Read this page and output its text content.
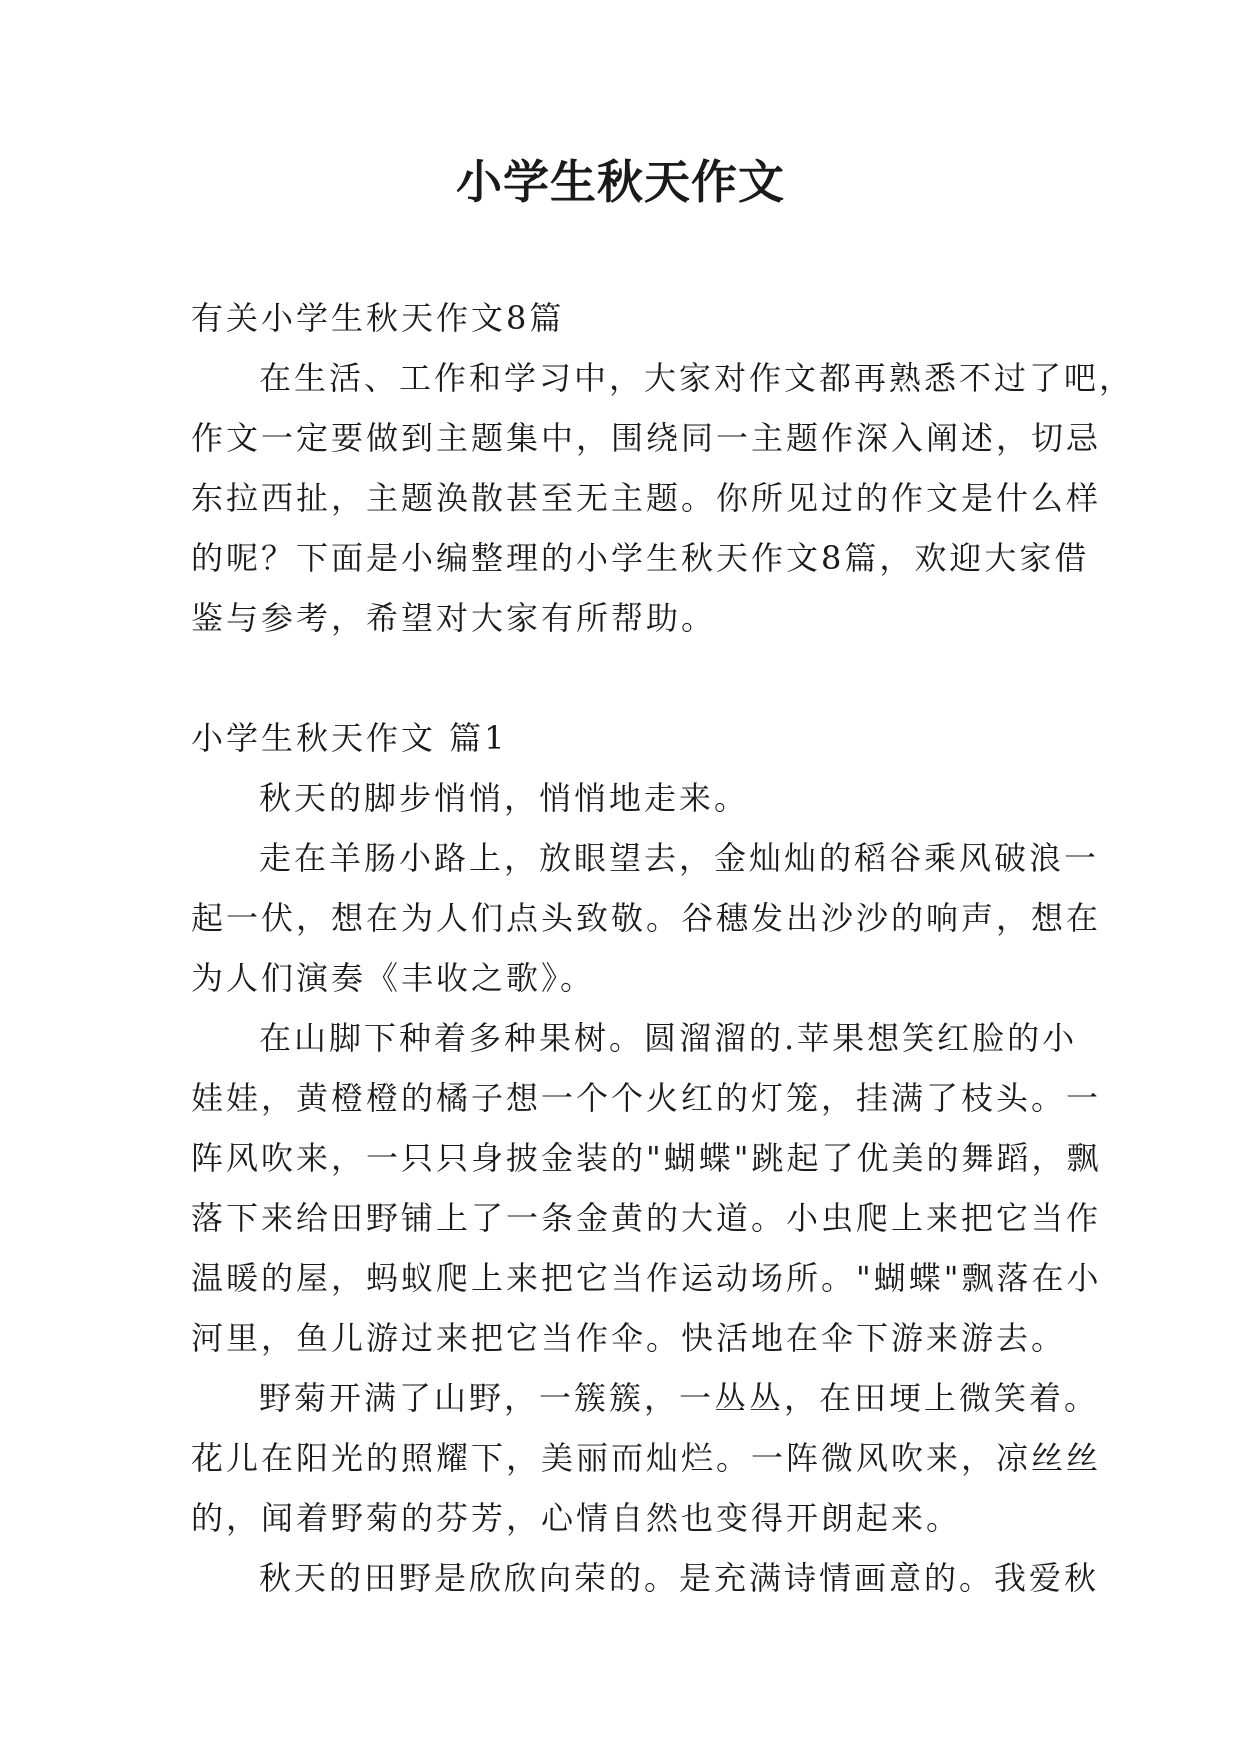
小学生秋天作文
有关小学生秋天作文8篇
在生活、工作和学习中，大家对作文都再熟悉不过了吧，
作文一定要做到主题集中，围绕同一主题作深入阐述，切忌
东拉西扯，主题涣散甚至无主题。你所见过的作文是什么样
的呢？下面是小编整理的小学生秋天作文8篇，欢迎大家借
鉴与参考，希望对大家有所帮助。
小学生秋天作文 篇1
秋天的脚步悄悄，悄悄地走来。
走在羊肠小路上，放眼望去，金灿灿的稻谷乘风破浪一
起一伏，想在为人们点头致敬。谷穗发出沙沙的响声，想在
为人们演奏《丰收之歌》。
在山脚下种着多种果树。圆溜溜的.苹果想笑红脸的小
娃娃，黄橙橙的橘子想一个个火红的灯笼，挂满了枝头。一
阵风吹来，一只只身披金装的"蝴蝶"跳起了优美的舞蹈，飘
落下来给田野铺上了一条金黄的大道。小虫爬上来把它当作
温暖的屋，蚂蚁爬上来把它当作运动场所。"蝴蝶"飘落在小
河里，鱼儿游过来把它当作伞。快活地在伞下游来游去。
野菊开满了山野，一簇簇，一丛丛，在田埂上微笑着。
花儿在阳光的照耀下，美丽而灿烂。一阵微风吹来，凉丝丝
的，闻着野菊的芬芳，心情自然也变得开朗起来。
秋天的田野是欣欣向荣的。是充满诗情画意的。我爱秋
